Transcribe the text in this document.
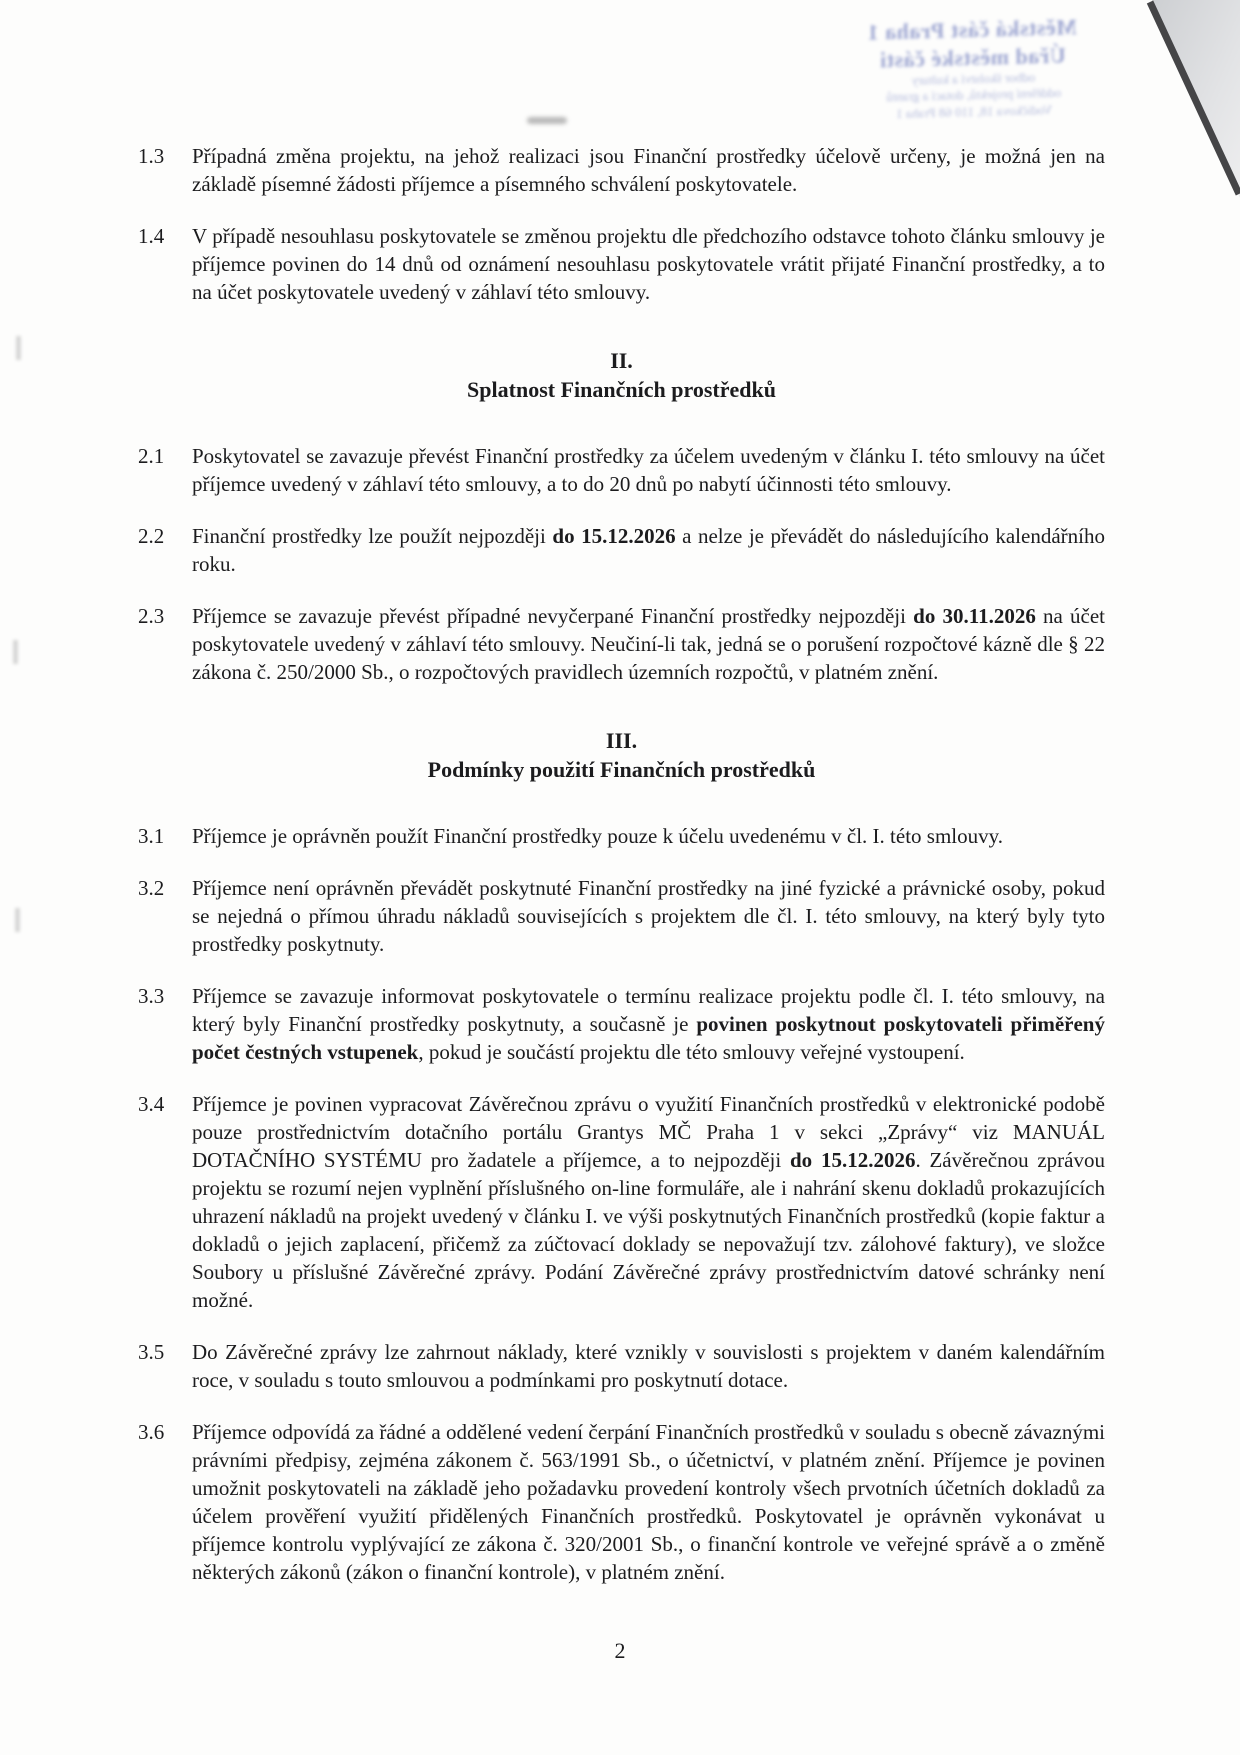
Městská část Praha 1
Úřad městské části
odbor školství a kultury
oddělení projektů, dotací a grantů
Vodičkova 18, 110 68 Praha 1
1.3	Případná změna projektu, na jehož realizaci jsou Finanční prostředky účelově určeny, je možná jen na základě písemné žádosti příjemce a písemného schválení poskytovatele.
1.4	V případě nesouhlasu poskytovatele se změnou projektu dle předchozího odstavce tohoto článku smlouvy je příjemce povinen do 14 dnů od oznámení nesouhlasu poskytovatele vrátit přijaté Finanční prostředky, a to na účet poskytovatele uvedený v záhlaví této smlouvy.
II.
Splatnost Finančních prostředků
2.1	Poskytovatel se zavazuje převést Finanční prostředky za účelem uvedeným v článku I. této smlouvy na účet příjemce uvedený v záhlaví této smlouvy, a to do 20 dnů po nabytí účinnosti této smlouvy.
2.2	Finanční prostředky lze použít nejpozději do 15.12.2026 a nelze je převádět do následujícího kalendářního roku.
2.3	Příjemce se zavazuje převést případné nevyčerpané Finanční prostředky nejpozději do 30.11.2026 na účet poskytovatele uvedený v záhlaví této smlouvy. Neučiní-li tak, jedná se o porušení rozpočtové kázně dle § 22 zákona č. 250/2000 Sb., o rozpočtových pravidlech územních rozpočtů, v platném znění.
III.
Podmínky použití Finančních prostředků
3.1	Příjemce je oprávněn použít Finanční prostředky pouze k účelu uvedenému v čl. I. této smlouvy.
3.2	Příjemce není oprávněn převádět poskytnuté Finanční prostředky na jiné fyzické a právnické osoby, pokud se nejedná o přímou úhradu nákladů souvisejících s projektem dle čl. I. této smlouvy, na který byly tyto prostředky poskytnuty.
3.3	Příjemce se zavazuje informovat poskytovatele o termínu realizace projektu podle čl. I. této smlouvy, na který byly Finanční prostředky poskytnuty, a současně je povinen poskytnout poskytovateli přiměřený počet čestných vstupenek, pokud je součástí projektu dle této smlouvy veřejné vystoupení.
3.4	Příjemce je povinen vypracovat Závěrečnou zprávu o využití Finančních prostředků v elektronické podobě pouze prostřednictvím dotačního portálu Grantys MČ Praha 1 v sekci „Zprávy“ viz MANUÁL DOTAČNÍHO SYSTÉMU pro žadatele a příjemce, a to nejpozději do 15.12.2026. Závěrečnou zprávou projektu se rozumí nejen vyplnění příslušného on-line formuláře, ale i nahrání skenu dokladů prokazujících uhrazení nákladů na projekt uvedený v článku I. ve výši poskytnutých Finančních prostředků (kopie faktur a dokladů o jejich zaplacení, přičemž za zúčtovací doklady se nepovažují tzv. zálohové faktury), ve složce Soubory u příslušné Závěrečné zprávy. Podání Závěrečné zprávy prostřednictvím datové schránky není možné.
3.5	Do Závěrečné zprávy lze zahrnout náklady, které vznikly v souvislosti s projektem v daném kalendářním roce, v souladu s touto smlouvou a podmínkami pro poskytnutí dotace.
3.6	Příjemce odpovídá za řádné a oddělené vedení čerpání Finančních prostředků v souladu s obecně závaznými právními předpisy, zejména zákonem č. 563/1991 Sb., o účetnictví, v platném znění. Příjemce je povinen umožnit poskytovateli na základě jeho požadavku provedení kontroly všech prvotních účetních dokladů za účelem prověření využití přidělených Finančních prostředků. Poskytovatel je oprávněn vykonávat u příjemce kontrolu vyplývající ze zákona č. 320/2001 Sb., o finanční kontrole ve veřejné správě a o změně některých zákonů (zákon o finanční kontrole), v platném znění.
2
